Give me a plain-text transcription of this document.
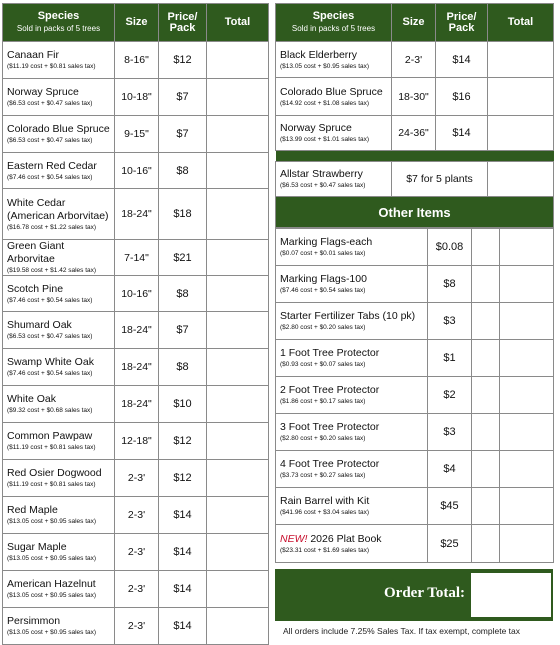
Species
Sold in packs of 5 trees	Size	Price/ Pack	Total

Canaan Fir
($11.19 cost + $0.81 sales tax)	8-16"	$12	

Norway Spruce
($6.53 cost + $0.47 sales tax)	10-18"	$7	

Colorado Blue Spruce
($6.53 cost + $0.47 sales tax)	9-15"	$7	

Eastern Red Cedar
($7.46 cost + $0.54 sales tax)	10-16"	$8	

White Cedar (American Arborvitae)
($16.78 cost + $1.22 sales tax)	18-24"	$18	

Green Giant Arborvitae
($19.58 cost + $1.42 sales tax)	7-14"	$21	

Scotch Pine
($7.46 cost + $0.54 sales tax)	10-16"	$8	

Shumard Oak
($6.53 cost + $0.47 sales tax)	18-24"	$7	

Swamp White Oak
($7.46 cost + $0.54 sales tax)	18-24"	$8	

White Oak
($9.32 cost + $0.68 sales tax)	18-24"	$10	

Common Pawpaw
($11.19 cost + $0.81 sales tax)	12-18"	$12	

Red Osier Dogwood
($11.19 cost + $0.81 sales tax)	2-3'	$12	

Red Maple
($13.05 cost + $0.95 sales tax)	2-3'	$14	

Sugar Maple
($13.05 cost + $0.95 sales tax)	2-3'	$14	

American Hazelnut
($13.05 cost + $0.95 sales tax)	2-3'	$14	

Persimmon
($13.05 cost + $0.95 sales tax)	2-3'	$14	
Species
Sold in packs of 5 trees	Size	Price/ Pack	Total

Black Elderberry
($13.05 cost + $0.95 sales tax)	2-3'	$14	

Colorado Blue Spruce
($14.92 cost + $1.08 sales tax)	18-30"	$16	

Norway Spruce
($13.99 cost + $1.01 sales tax)	24-36"	$14	

Allstar Strawberry
($6.53 cost + $0.47 sales tax)	$7 for 5 plants		
Other Items			
Marking Flags-each
($0.07 cost + $0.01 sales tax)	$0.08		

Marking Flags-100
($7.46 cost + $0.54 sales tax)	$8		

Starter Fertilizer Tabs (10 pk)
($2.80 cost + $0.20 sales tax)	$3		

1 Foot Tree Protector
($0.93 cost + $0.07 sales tax)	$1		

2 Foot Tree Protector
($1.86 cost + $0.17 sales tax)	$2		

3 Foot Tree Protector
($2.80 cost + $0.20 sales tax)	$3		

4 Foot Tree Protector
($3.73 cost + $0.27 sales tax)	$4		

Rain Barrel with Kit
($41.96 cost + $3.04 sales tax)	$45		

NEW! 2026 Plat Book
($23.31 cost + $1.69 sales tax)	$25		
Order Total:
All orders include 7.25% Sales Tax. If tax exempt, complete tax
